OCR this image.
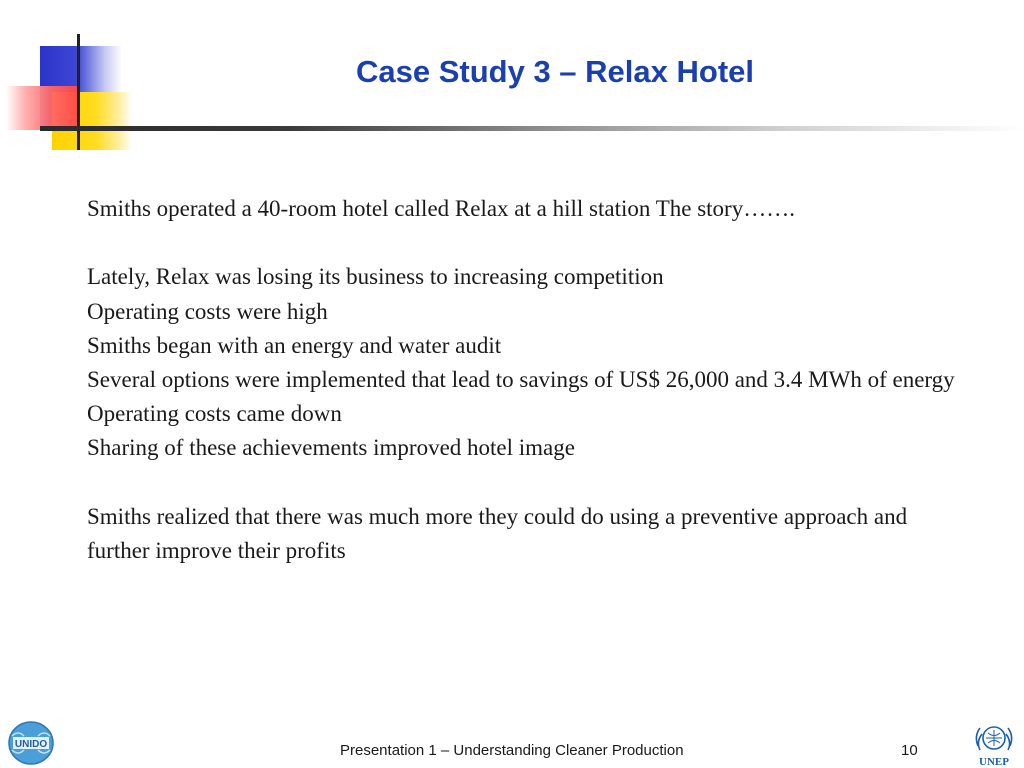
Case Study 3 – Relax Hotel

Smiths operated a 40-room hotel called Relax at a hill station The story…….

Lately, Relax was losing its business to increasing competition

Operating costs were high

Smiths began with an energy and water audit

Several options were implemented that lead to savings of US$ 26,000 and 3.4 MWh of energy

Operating costs came down

Sharing of these achievements improved hotel image

Smiths realized that there was much more they could do using a preventive approach and further improve their profits

UNIDO	Presentation 1 – Understanding Cleaner Production	10
UNEP
